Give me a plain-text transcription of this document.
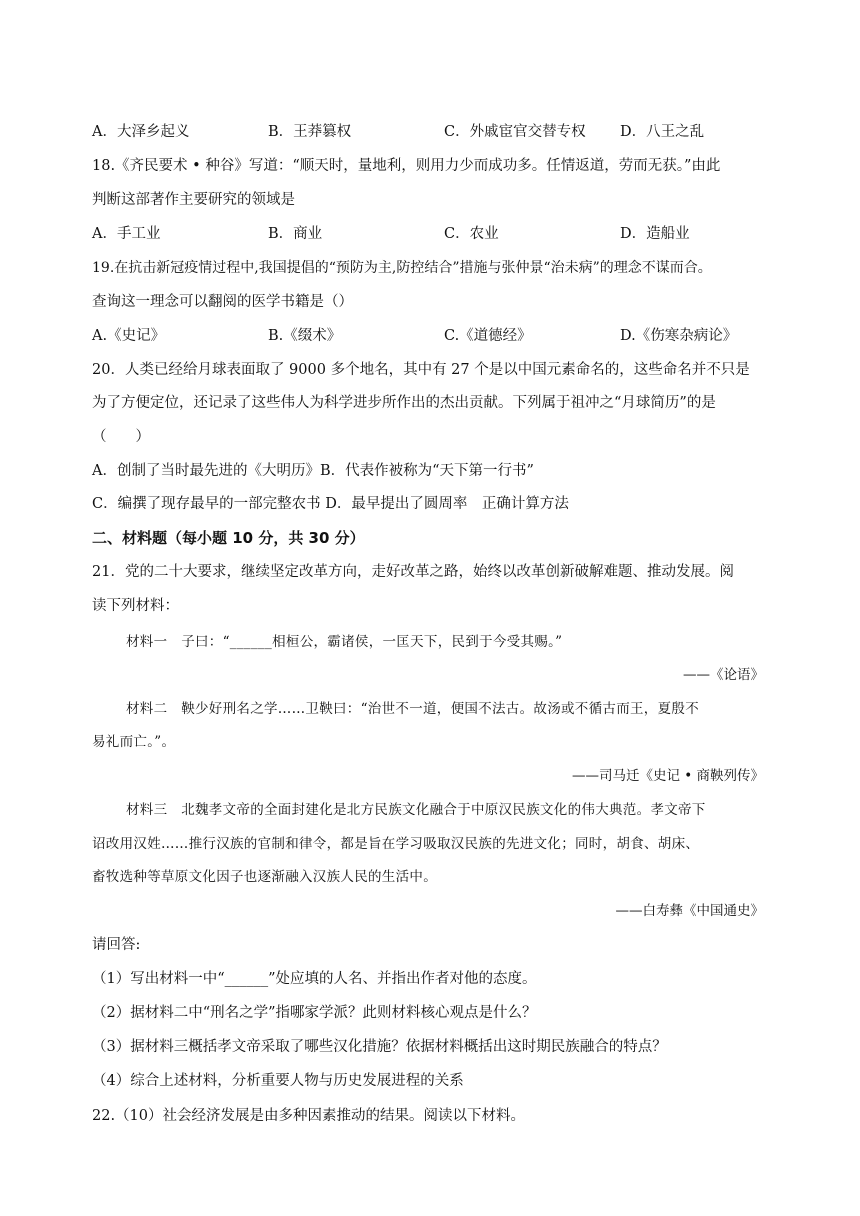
A．大泽乡起义	B．王莽篡权	C．外戚宦官交替专权	D．八王之乱
18.《齐民要术 • 种谷》写道：“顺天时，量地利，则用力少而成功多。任情返道，劳而无获。”由此
判断这部著作主要研究的领域是
A．手工业	B．商业	C．农业	D．造船业
19.在抗击新冠疫情过程中,我国提倡的“预防为主,防控结合”措施与张仲景“治未病”的理念不谋而合。
查询这一理念可以翻阅的医学书籍是（）
A.《史记》	B.《缀术》	C.《道德经》	D.《伤寒杂病论》
20．人类已经给月球表面取了 9000 多个地名，其中有 27 个是以中国元素命名的，这些命名并不只是
为了方便定位，还记录了这些伟人为科学进步所作出的杰出贡献。下列属于祖冲之“月球简历”的是
（　　）
A．创制了当时最先进的《大明历》B．代表作被称为“天下第一行书”
C．编撰了现存最早的一部完整农书 D．最早提出了圆周率　正确计算方法
二、材料题（每小题 10 分，共 30 分）
21．党的二十大要求，继续坚定改革方向，走好改革之路，始终以改革创新破解难题、推动发展。阅
读下列材料：
材料一　子曰：“______相桓公，霸诸侯，一匡天下，民到于今受其赐。”
——《论语》
材料二　鞅少好刑名之学……卫鞅曰：“治世不一道，便国不法古。故汤或不循古而王，夏殷不
易礼而亡。”。
——司马迁《史记 • 商鞅列传》
材料三　北魏孝文帝的全面封建化是北方民族文化融合于中原汉民族文化的伟大典范。孝文帝下
诏改用汉姓……推行汉族的官制和律令，都是旨在学习吸取汉民族的先进文化；同时，胡食、胡床、
畜牧选种等草原文化因子也逐渐融入汉族人民的生活中。
——白寿彝《中国通史》
请回答:
（1）写出材料一中“______”处应填的人名、并指出作者对他的态度。
（2）据材料二中“刑名之学”指哪家学派？此则材料核心观点是什么？
（3）据材料三概括孝文帝采取了哪些汉化措施？依据材料概括出这时期民族融合的特点？
（4）综合上述材料，分析重要人物与历史发展进程的关系
22.（10）社会经济发展是由多种因素推动的结果。阅读以下材料。
